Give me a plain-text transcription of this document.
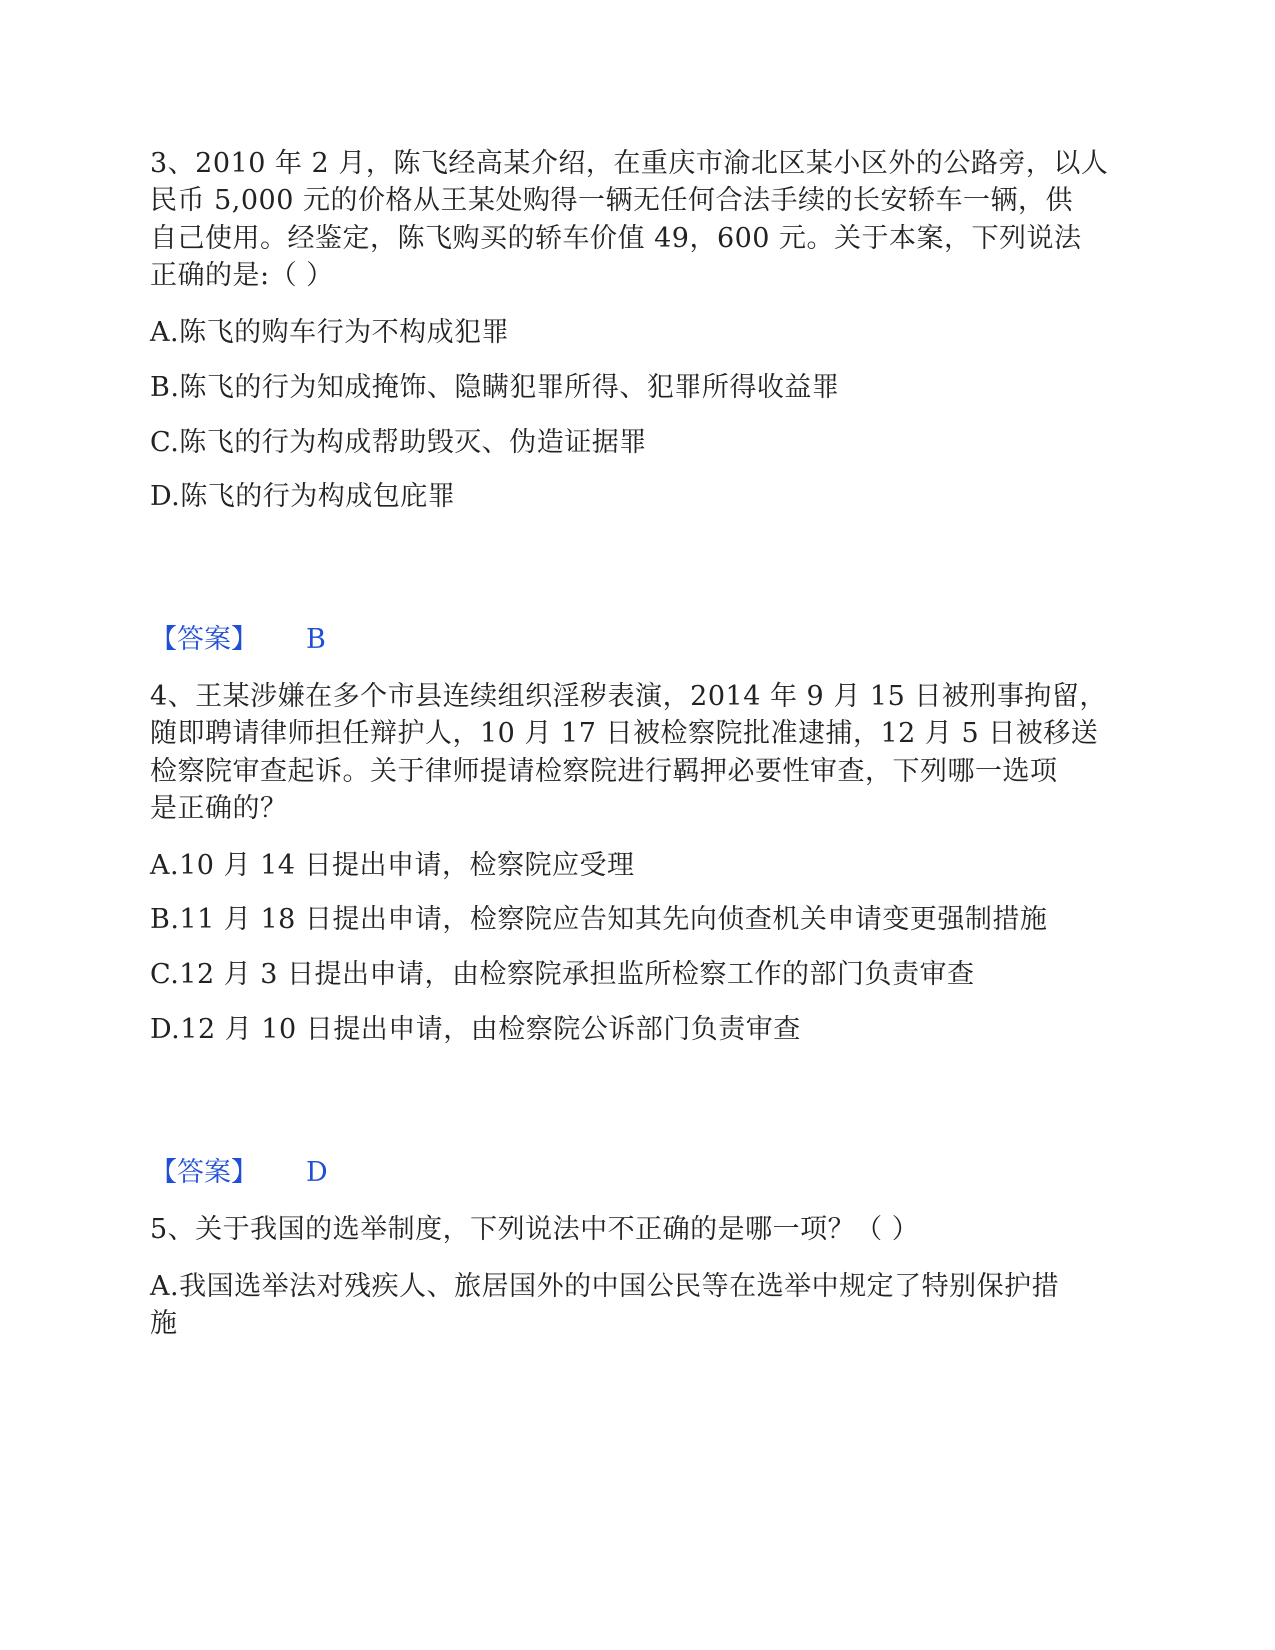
3、2010 年 2 月，陈飞经高某介绍，在重庆市渝北区某小区外的公路旁，以人
民币 5,000 元的价格从王某处购得一辆无任何合法手续的长安轿车一辆，供
自己使用。经鉴定，陈飞购买的轿车价值 49，600 元。关于本案，下列说法
正确的是:（ ）
A.陈飞的购车行为不构成犯罪
B.陈飞的行为知成掩饰、隐瞒犯罪所得、犯罪所得收益罪
C.陈飞的行为构成帮助毁灭、伪造证据罪
D.陈飞的行为构成包庇罪
【答案】 B
4、王某涉嫌在多个市县连续组织淫秽表演，2014 年 9 月 15 日被刑事拘留，
随即聘请律师担任辩护人，10 月 17 日被检察院批准逮捕，12 月 5 日被移送
检察院审查起诉。关于律师提请检察院进行羁押必要性审查，下列哪一选项
是正确的？
A.10 月 14 日提出申请，检察院应受理
B.11 月 18 日提出申请，检察院应告知其先向侦查机关申请变更强制措施
C.12 月 3 日提出申请，由检察院承担监所检察工作的部门负责审查
D.12 月 10 日提出申请，由检察院公诉部门负责审查
【答案】 D
5、关于我国的选举制度，下列说法中不正确的是哪一项？（ ）
A.我国选举法对残疾人、旅居国外的中国公民等在选举中规定了特别保护措
施
